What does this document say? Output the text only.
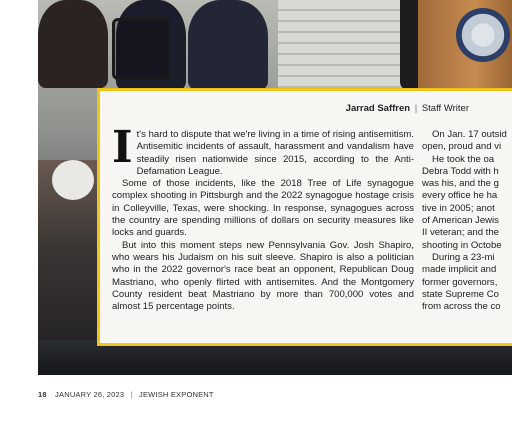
Jarrad Saffren | Staff Writer

It's hard to dispute that we're living in a time of rising antisemitism. Antisemitic incidents of assault, harassment and vandalism have steadily risen nationwide since 2015, according to the Anti-Defamation League.

Some of those incidents, like the 2018 Tree of Life synagogue complex shooting in Pittsburgh and the 2022 synagogue hostage crisis in Colleyville, Texas, were shocking. In response, synagogues across the country are spending millions of dollars on security measures like locks and guards.

But into this moment steps new Pennsylvania Gov. Josh Shapiro, who wears his Judaism on his suit sleeve. Shapiro is also a politician who in the 2022 governor's race beat an opponent, Republican Doug Mastriano, who openly flirted with antisemites. And the Montgomery County resident beat Mastriano by more than 700,000 votes and almost 15 percentage points.

On Jan. 17 outsid
open, proud and vi
He took the oa
Debra Todd with h
was his, and the g
every office he ha
tive in 2005; anot
of American Jewis
II veteran; and the
shooting in Octobe
During a 23-mi
made implicit and
former governors,
state Supreme Co
from across the co
18 JANUARY 26, 2023 | JEWISH EXPONENT
